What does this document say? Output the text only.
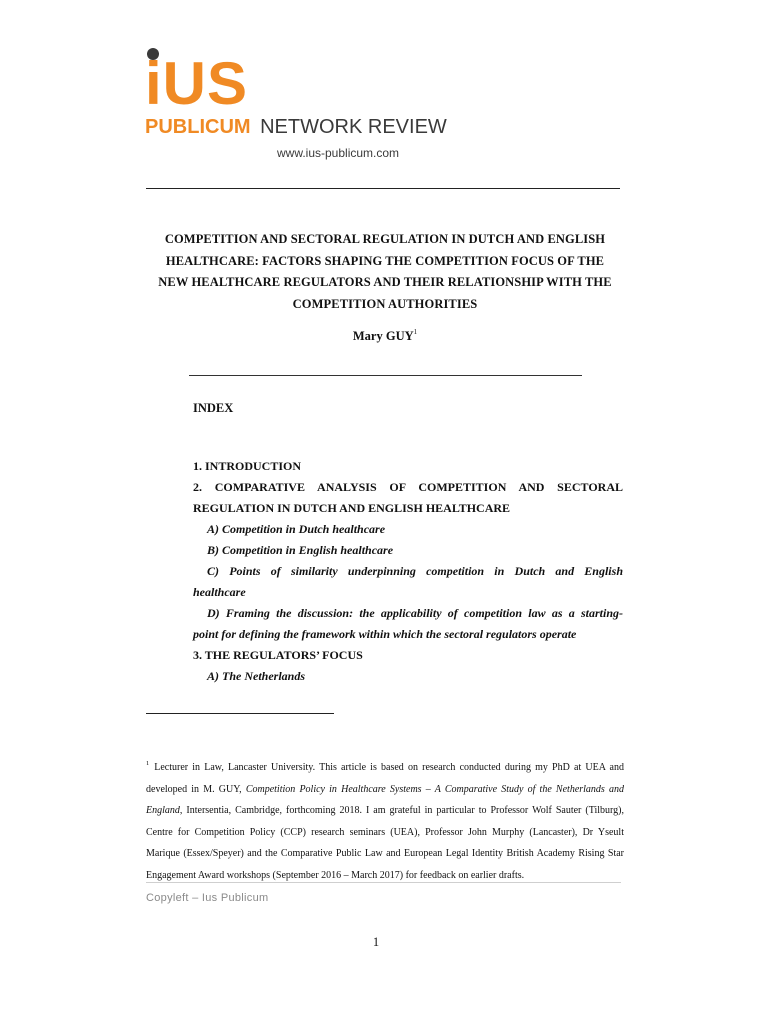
iUS
PUBLICUM NETWORK REVIEW
www.ius-publicum.com
COMPETITION AND SECTORAL REGULATION IN DUTCH AND ENGLISH
HEALTHCARE: FACTORS SHAPING THE COMPETITION FOCUS OF THE
NEW HEALTHCARE REGULATORS AND THEIR RELATIONSHIP WITH THE
COMPETITION AUTHORITIES
Mary GUY$^1$
INDEX
1. INTRODUCTION
2. COMPARATIVE ANALYSIS OF COMPETITION AND SECTORAL
REGULATION IN DUTCH AND ENGLISH HEALTHCARE
A) Competition in Dutch healthcare
B) Competition in English healthcare
C) Points of similarity underpinning competition in Dutch and English
healthcare
D) Framing the discussion: the applicability of competition law as a starting-
point for defining the framework within which the sectoral regulators operate
3. THE REGULATORS’ FOCUS
A) The Netherlands
$^1$ Lecturer in Law, Lancaster University. This article is based on research conducted during my PhD at UEA and developed in M. GUY, Competition Policy in Healthcare Systems – A Comparative Study of the Netherlands and England, Intersentia, Cambridge, forthcoming 2018. I am grateful in particular to Professor Wolf Sauter (Tilburg), Centre for Competition Policy (CCP) research seminars (UEA), Professor John Murphy (Lancaster), Dr Yseult Marique (Essex/Speyer) and the Comparative Public Law and European Legal Identity British Academy Rising Star Engagement Award workshops (September 2016 – March 2017) for feedback on earlier drafts.
Copyleft – Ius Publicum
1
